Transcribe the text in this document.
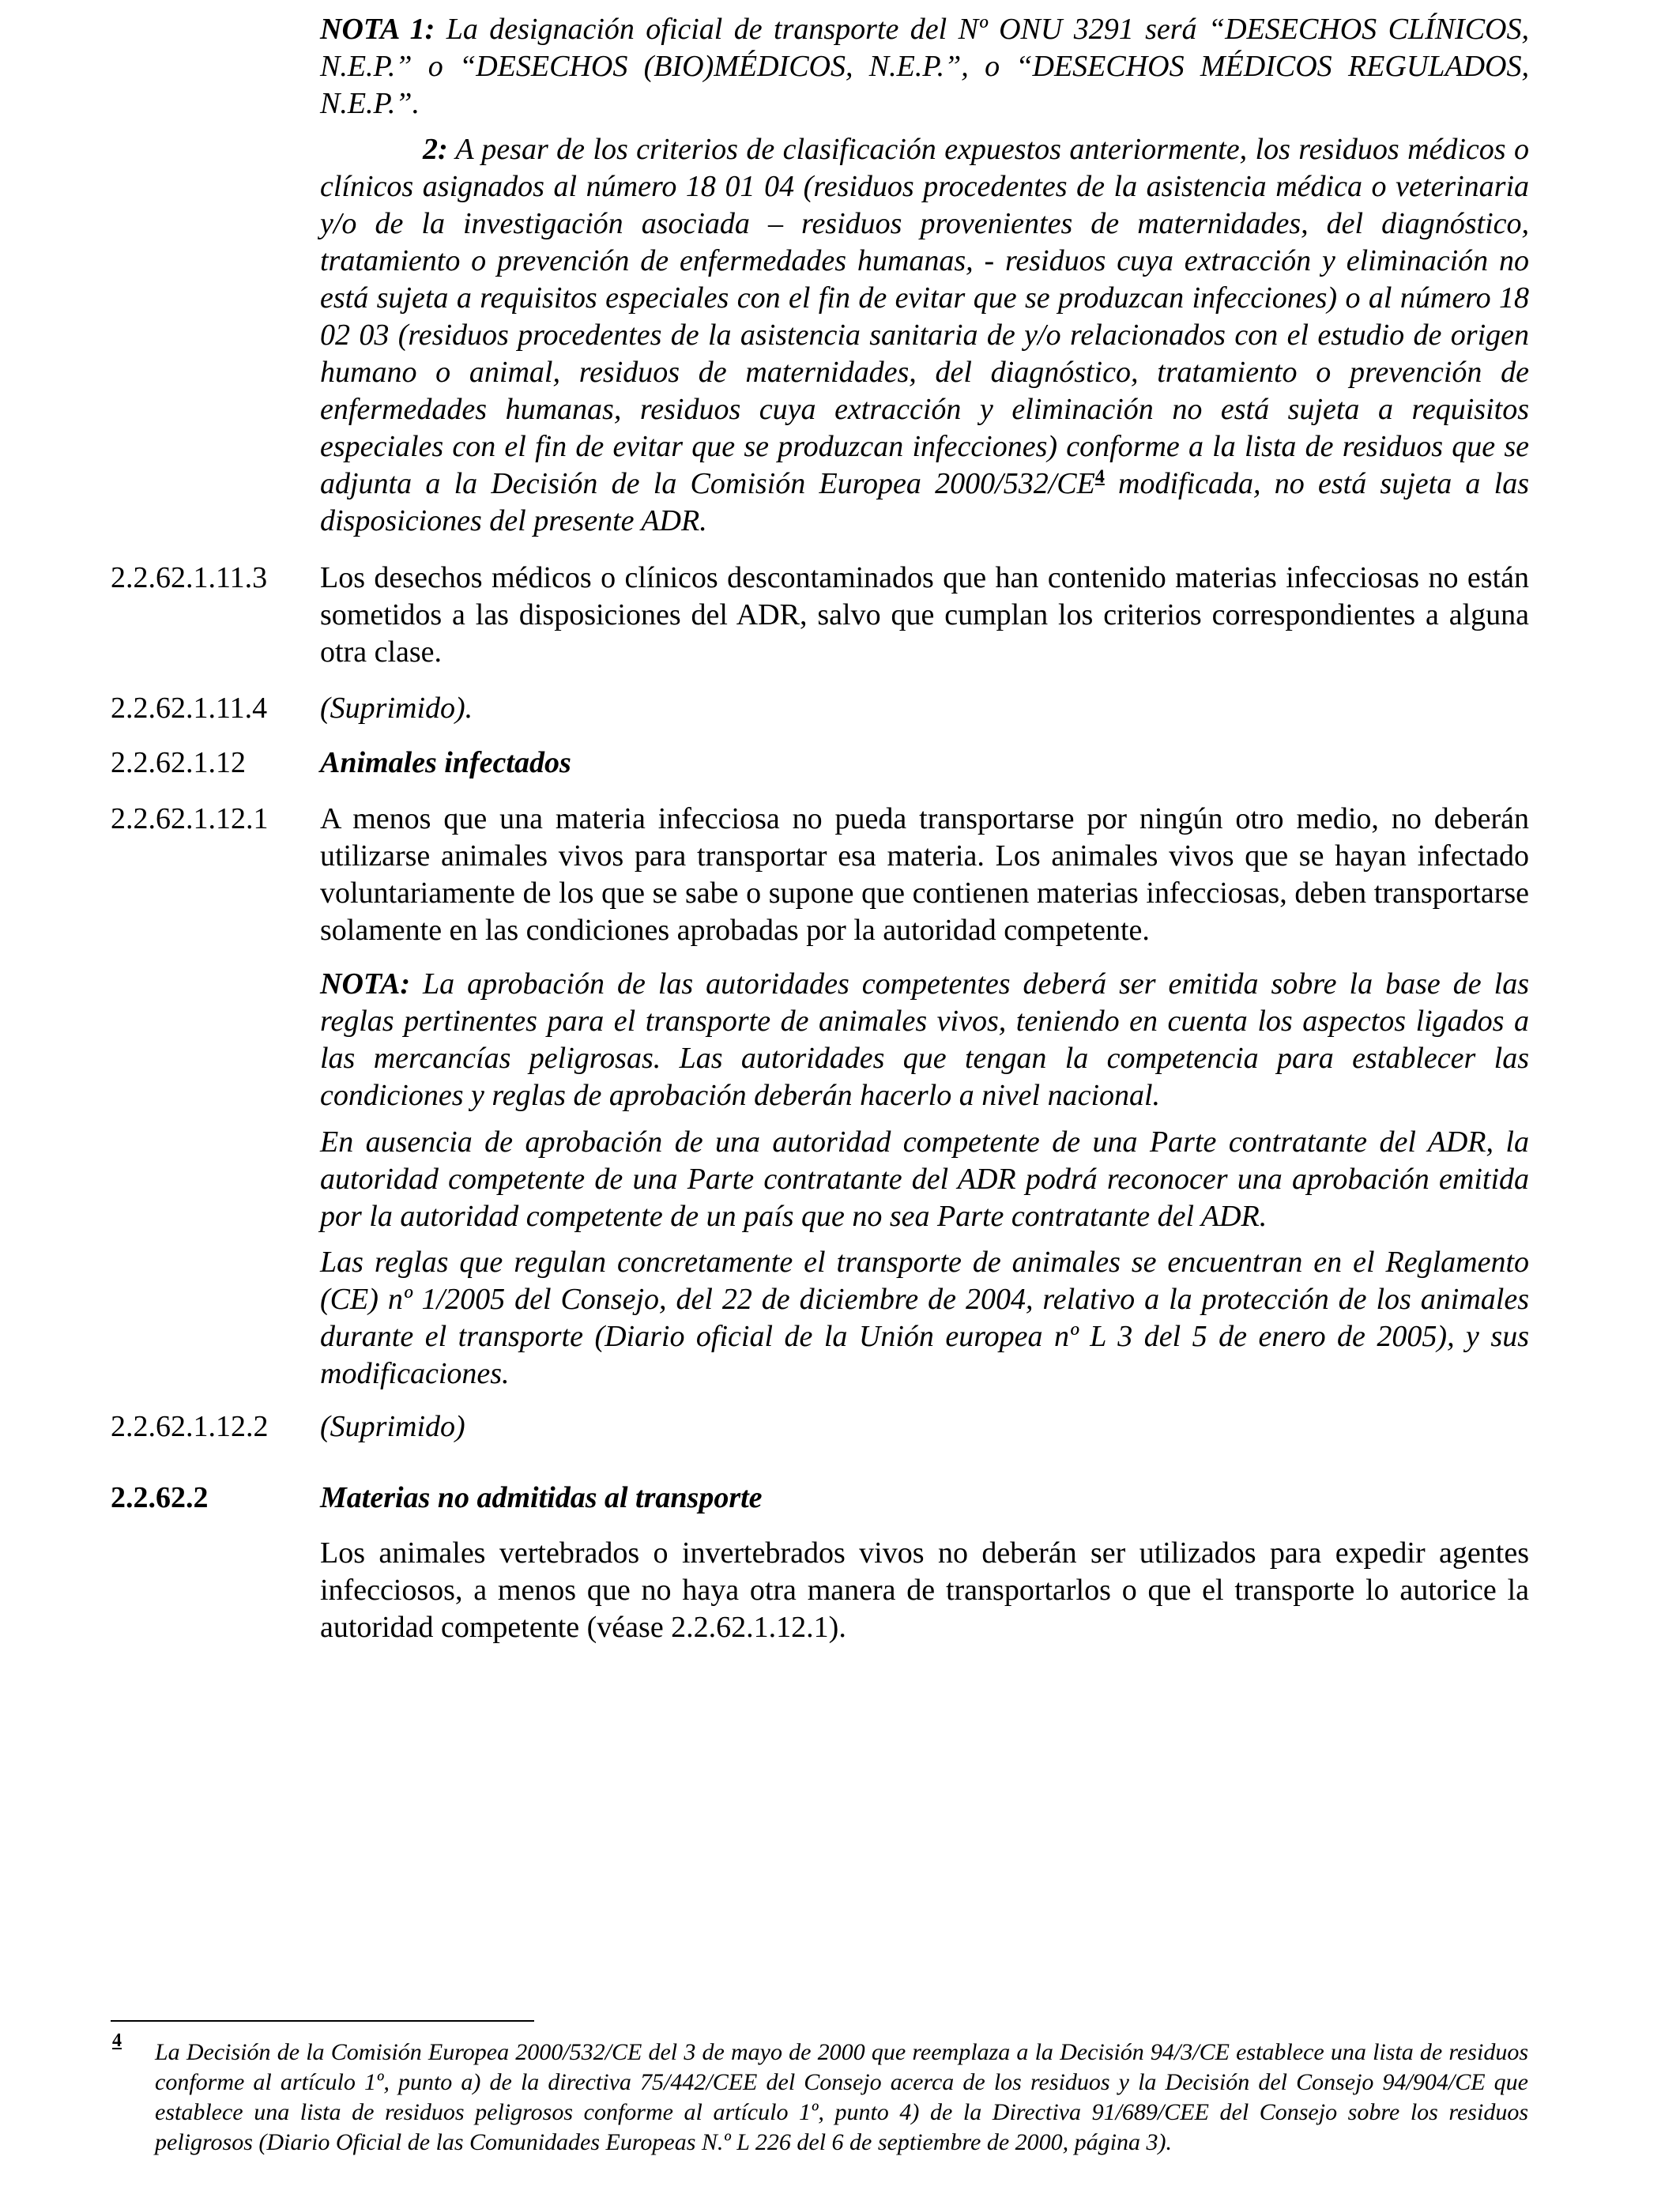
NOTA 1: La designación oficial de transporte del Nº ONU 3291 será “DESECHOS CLÍNICOS, N.E.P.” o “DESECHOS (BIO)MÉDICOS, N.E.P.”, o “DESECHOS MÉDICOS REGULADOS, N.E.P.”.

2: A pesar de los criterios de clasificación expuestos anteriormente, los residuos médicos o clínicos asignados al número 18 01 04 (residuos procedentes de la asistencia médica o veterinaria y/o de la investigación asociada – residuos provenientes de maternidades, del diagnóstico, tratamiento o prevención de enfermedades humanas, - residuos cuya extracción y eliminación no está sujeta a requisitos especiales con el fin de evitar que se produzcan infecciones) o al número 18 02 03 (residuos procedentes de la asistencia sanitaria de y/o relacionados con el estudio de origen humano o animal, residuos de maternidades, del diagnóstico, tratamiento o prevención de enfermedades humanas, residuos cuya extracción y eliminación no está sujeta a requisitos especiales con el fin de evitar que se produzcan infecciones) conforme a la lista de residuos que se adjunta a la Decisión de la Comisión Europea 2000/532/CE$^4$ modificada, no está sujeta a las disposiciones del presente ADR.

2.2.62.1.11.3 Los desechos médicos o clínicos descontaminados que han contenido materias infecciosas no están sometidos a las disposiciones del ADR, salvo que cumplan los criterios correspondientes a alguna otra clase.

2.2.62.1.11.4 (Suprimido).

2.2.62.1.12 Animales infectados

2.2.62.1.12.1 A menos que una materia infecciosa no pueda transportarse por ningún otro medio, no deberán utilizarse animales vivos para transportar esa materia. Los animales vivos que se hayan infectado voluntariamente de los que se sabe o supone que contienen materias infecciosas, deben transportarse solamente en las condiciones aprobadas por la autoridad competente.

NOTA: La aprobación de las autoridades competentes deberá ser emitida sobre la base de las reglas pertinentes para el transporte de animales vivos, teniendo en cuenta los aspectos ligados a las mercancías peligrosas. Las autoridades que tengan la competencia para establecer las condiciones y reglas de aprobación deberán hacerlo a nivel nacional.

En ausencia de aprobación de una autoridad competente de una Parte contratante del ADR, la autoridad competente de una Parte contratante del ADR podrá reconocer una aprobación emitida por la autoridad competente de un país que no sea Parte contratante del ADR.

Las reglas que regulan concretamente el transporte de animales se encuentran en el Reglamento (CE) nº 1/2005 del Consejo, del 22 de diciembre de 2004, relativo a la protección de los animales durante el transporte (Diario oficial de la Unión europea nº L 3 del 5 de enero de 2005), y sus modificaciones.

2.2.62.1.12.2 (Suprimido)

2.2.62.2	Materias no admitidas al transporte

Los animales vertebrados o invertebrados vivos no deberán ser utilizados para expedir agentes infecciosos, a menos que no haya otra manera de transportarlos o que el transporte lo autorice la autoridad competente (véase 2.2.62.1.12.1).

4 La Decisión de la Comisión Europea 2000/532/CE del 3 de mayo de 2000 que reemplaza a la Decisión 94/3/CE establece una lista de residuos conforme al artículo 1º, punto a) de la directiva 75/442/CEE del Consejo acerca de los residuos y la Decisión del Consejo 94/904/CE que establece una lista de residuos peligrosos conforme al artículo 1º, punto 4) de la Directiva 91/689/CEE del Consejo sobre los residuos peligrosos (Diario Oficial de las Comunidades Europeas N.º L 226 del 6 de septiembre de 2000, página 3).
